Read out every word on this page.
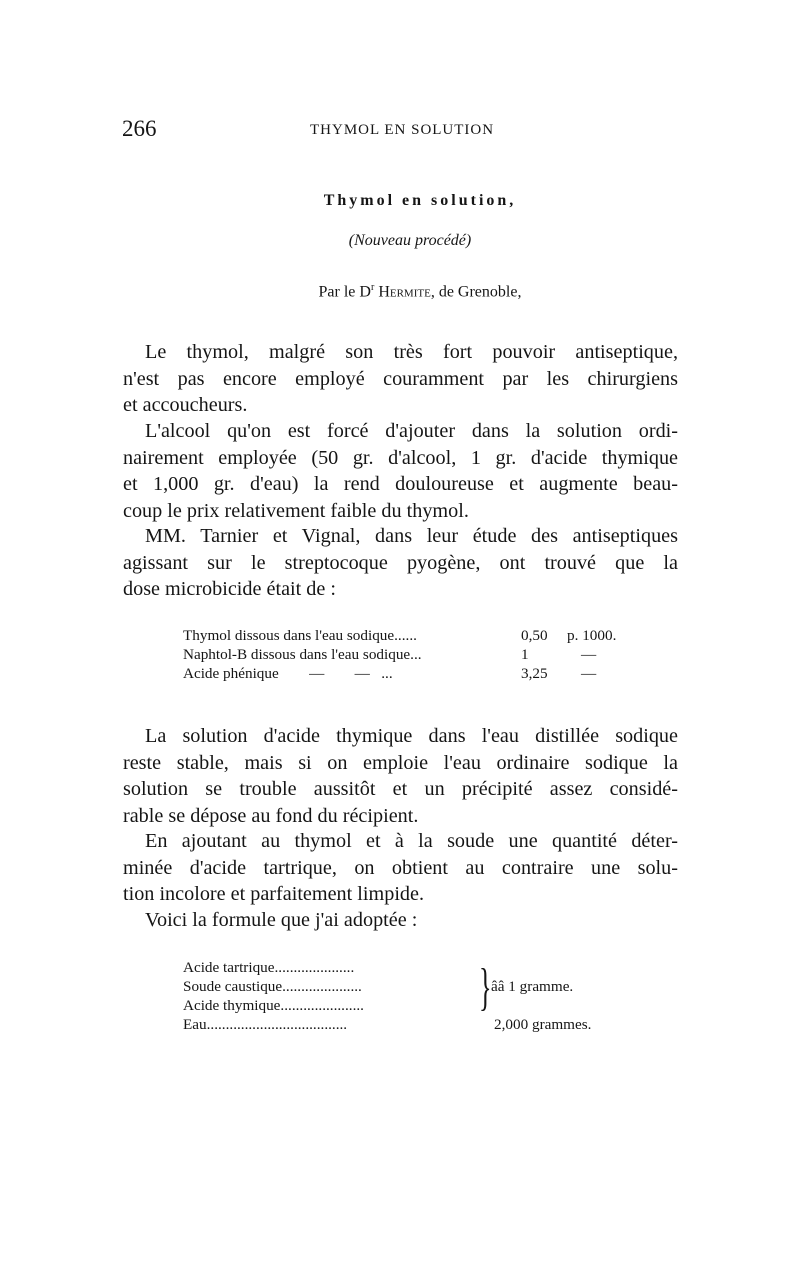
266	THYMOL EN SOLUTION
Thymol en solution,
(Nouveau procédé)
Par le $D^r$ Hermite, de Grenoble,
Le thymol, malgré son très fort pouvoir antiseptique,
n'est pas encore employé couramment par les chirurgiens
et accoucheurs.
L'alcool qu'on est forcé d'ajouter dans la solution ordi-
nairement employée (50 gr. d'alcool, 1 gr. d'acide thymique
et 1,000 gr. d'eau) la rend douloureuse et augmente beau-
coup le prix relativement faible du thymol.
MM. Tarnier et Vignal, dans leur étude des antiseptiques
agissant sur le streptocoque pyogène, ont trouvé que la
dose microbicide était de :
Thymol dissous dans l'eau sodique......	0,50 p. 1000.
Naphtol-B dissous dans l'eau sodique...	1	—
Acide phénique        —        —   ...	3,25 —
La solution d'acide thymique dans l'eau distillée sodique
reste stable, mais si on emploie l'eau ordinaire sodique la
solution se trouble aussitôt et un précipité assez considé-
rable se dépose au fond du récipient.
En ajoutant au thymol et à la soude une quantité déter-
minée d'acide tartrique, on obtient au contraire une solu-
tion incolore et parfaitement limpide.
Voici la formule que j'ai adoptée :
Acide tartrique.....................
Soude caustique.....................	ââ 1 gramme.
Acide thymique......................
Eau.....................................	2,000 grammes.
}
